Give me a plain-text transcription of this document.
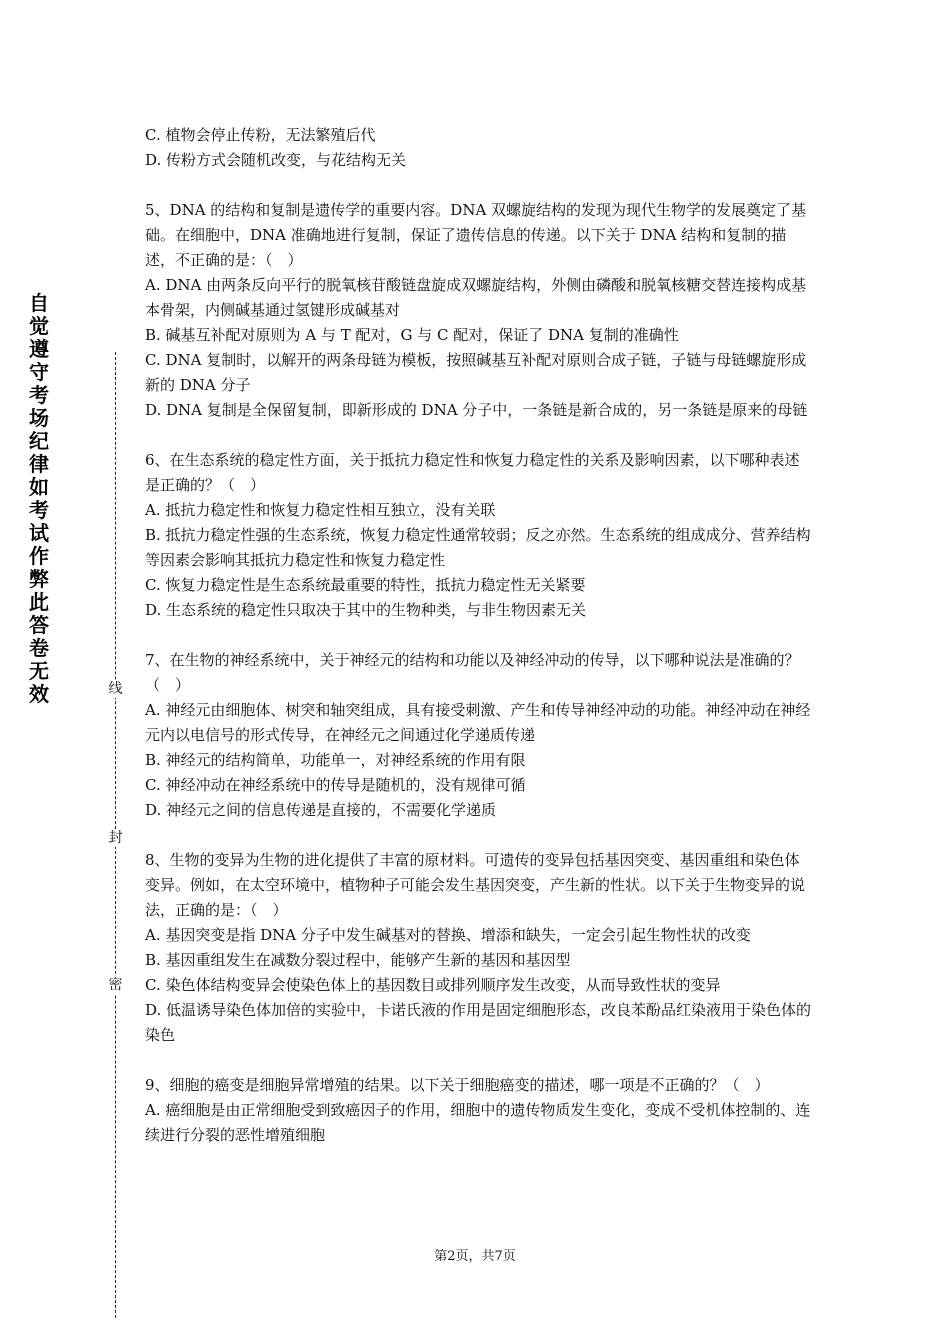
自觉遵守考场纪律如考试作弊此答卷无效	线
封
密

C. 植物会停止传粉，无法繁殖后代

D. 传粉方式会随机改变，与花结构无关

5、DNA 的结构和复制是遗传学的重要内容。DNA 双螺旋结构的发现为现代生物学的发展奠定了基础。在细胞中，DNA 准确地进行复制，保证了遗传信息的传递。以下关于 DNA 结构和复制的描述，不正确的是：（　）

A. DNA 由两条反向平行的脱氧核苷酸链盘旋成双螺旋结构，外侧由磷酸和脱氧核糖交替连接构成基本骨架，内侧碱基通过氢键形成碱基对

B. 碱基互补配对原则为 A 与 T 配对，G 与 C 配对，保证了 DNA 复制的准确性

C. DNA 复制时，以解开的两条母链为模板，按照碱基互补配对原则合成子链，子链与母链螺旋形成新的 DNA 分子

D. DNA 复制是全保留复制，即新形成的 DNA 分子中，一条链是新合成的，另一条链是原来的母链

6、在生态系统的稳定性方面，关于抵抗力稳定性和恢复力稳定性的关系及影响因素，以下哪种表述是正确的？（　）

A. 抵抗力稳定性和恢复力稳定性相互独立，没有关联

B. 抵抗力稳定性强的生态系统，恢复力稳定性通常较弱；反之亦然。生态系统的组成成分、营养结构等因素会影响其抵抗力稳定性和恢复力稳定性

C. 恢复力稳定性是生态系统最重要的特性，抵抗力稳定性无关紧要

D. 生态系统的稳定性只取决于其中的生物种类，与非生物因素无关

7、在生物的神经系统中，关于神经元的结构和功能以及神经冲动的传导，以下哪种说法是准确的？（　）

A. 神经元由细胞体、树突和轴突组成，具有接受刺激、产生和传导神经冲动的功能。神经冲动在神经元内以电信号的形式传导，在神经元之间通过化学递质传递

B. 神经元的结构简单，功能单一，对神经系统的作用有限

C. 神经冲动在神经系统中的传导是随机的，没有规律可循

D. 神经元之间的信息传递是直接的，不需要化学递质

8、生物的变异为生物的进化提供了丰富的原材料。可遗传的变异包括基因突变、基因重组和染色体变异。例如，在太空环境中，植物种子可能会发生基因突变，产生新的性状。以下关于生物变异的说法，正确的是：（　）

A. 基因突变是指 DNA 分子中发生碱基对的替换、增添和缺失，一定会引起生物性状的改变

B. 基因重组发生在减数分裂过程中，能够产生新的基因和基因型

C. 染色体结构变异会使染色体上的基因数目或排列顺序发生改变，从而导致性状的变异

D. 低温诱导染色体加倍的实验中，卡诺氏液的作用是固定细胞形态，改良苯酚品红染液用于染色体的染色

9、细胞的癌变是细胞异常增殖的结果。以下关于细胞癌变的描述，哪一项是不正确的？（　）

A. 癌细胞是由正常细胞受到致癌因子的作用，细胞中的遗传物质发生变化，变成不受机体控制的、连续进行分裂的恶性增殖细胞

第2页，共7页
